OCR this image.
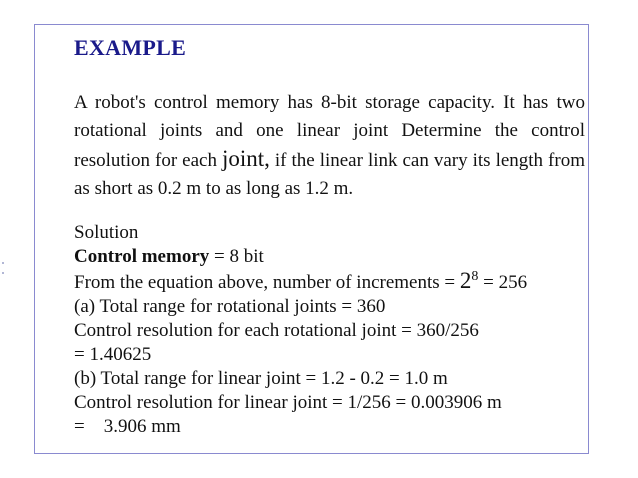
EXAMPLE
A robot's control memory has 8-bit storage capacity. It has two rotational joints and one linear joint Determine the control resolution for each joint, if the linear link can vary its length from as short as 0.2 m to as long as 1.2 m.
Solution
Control memory = 8 bit
From the equation above, number of increments = $2^8 = 256$
(a) Total range for rotational joints = 360
Control resolution for each rotational joint = 360/256
= 1.40625
(b) Total range for linear joint = 1.2 - 0.2 = 1.0 m
Control resolution for linear joint = 1/256 = 0.003906 m
=    3.906 mm
